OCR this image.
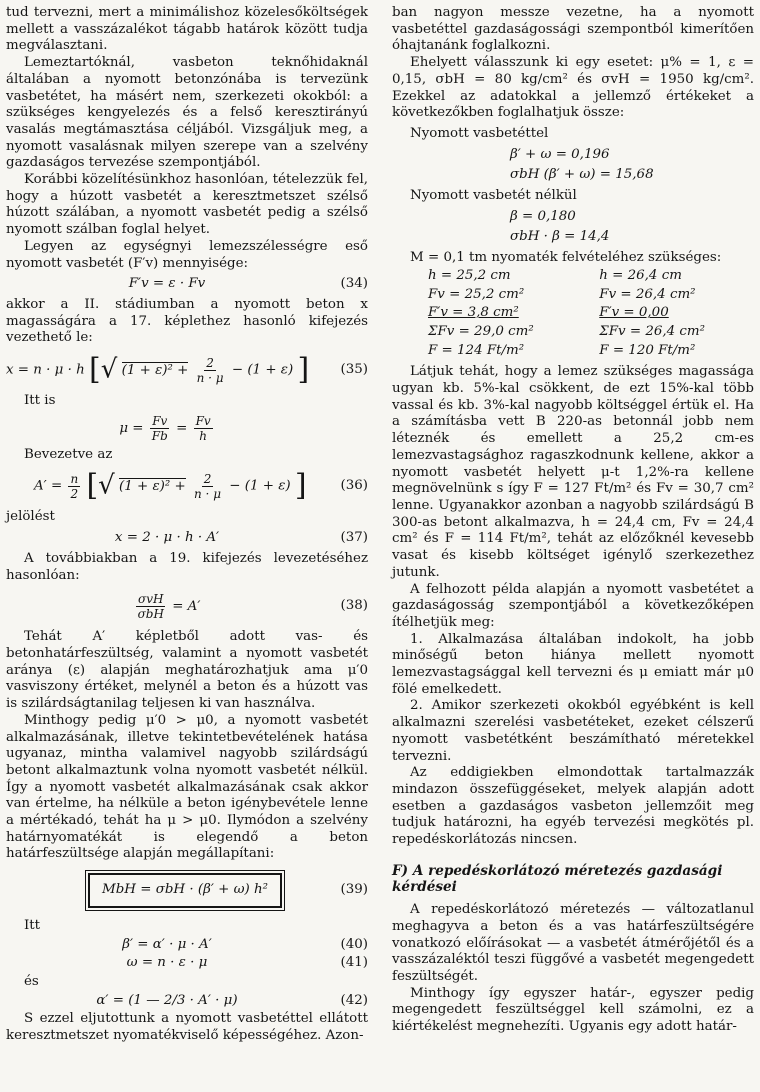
tud tervezni, mert a minimálishoz közelesőköltségek mellett a vasszázalékot tágabb határok között tudja megválasztani.

Lemeztartóknál, vasbeton teknőhidaknál általában a nyomott betonzónába is tervezünk vasbetétet, ha másért nem, szerkezeti okokból: a szükséges kengyelezés és a felső keresztirányú vasalás megtámasztása céljából. Vizsgáljuk meg, a nyomott vasalásnak milyen szerepe van a szelvény gazdaságos tervezése szempontjából.

Korábbi közelítésünkhoz hasonlóan, tételezzük fel, hogy a húzott vasbetét a keresztmetszet szélső húzott szálában, a nyomott vasbetét pedig a szélső nyomott szálban foglal helyet.

Legyen az egységnyi lemezszélességre eső nyomott vasbetét (F′v) mennyisége:

F′v = ε · Fv	(34)

akkor a II. stádiumban a nyomott beton x magasságára a 17. képlethez hasonló kifejezés vezethető le:

x = n · μ · h [√ $(1 + \varepsilon)^2 + \frac{2}{n \cdot \mu} - (1 + \varepsilon)$ ]	(35)

Itt is

$\mu = \frac{Fv}{Fb} = \frac{Fv}{h}$

Bevezetve az

$A' = \frac{n}{2}$ [√ $(1 + \varepsilon)^2 + \frac{2}{n \cdot \mu} - (1 + \varepsilon)$ ]	(36)

jelölést

x = 2 · μ · h · A′	(37)

A továbbiakban a 19. kifejezés levezetéséhez hasonlóan:

$\frac{\text{σvH}}{\text{σbH}} = A'$	(38)

Tehát A′ képletből adott vas- és betonhatárfeszültség, valamint a nyomott vasbetét aránya (ε) alapján meghatározhatjuk ama μ′0 vasviszony értéket, melynél a beton és a húzott vas is szilárdságtanilag teljesen ki van használva.

Minthogy pedig μ′0 > μ0, a nyomott vasbetét alkalmazásának, illetve tekintetbevételének hatása ugyanaz, mintha valamivel nagyobb szilárdságú betont alkalmaztunk volna nyomott vasbetét nélkül. Így a nyomott vasbetét alkalmazásának csak akkor van értelme, ha nélküle a beton igénybevétele lenne a mértékadó, tehát ha μ > μ0. Ilymódon a szelvény határnyomatékát is elegendő a beton határfeszültsége alapján megállapítani:

MbH = σbH · (β′ + ω) h²	(39)

Itt

β′ = α′ · μ · A′	(40)
ω = n · ε · μ	(41)

és

α′ = (1 — 2/3 · A′ · μ)	(42)

S ezzel eljutottunk a nyomott vasbetéttel ellátott keresztmetszet nyomatékviselő képességéhez. Azon-

ban nagyon messze vezetne, ha a nyomott vasbetéttel gazdaságossági szempontból kimerítően óhajtanánk foglalkozni.

Ehelyett válasszunk ki egy esetet: μ% = 1, ε = 0,15, σbH = 80 kg/cm² és σvH = 1950 kg/cm². Ezekkel az adatokkal a jellemző értékeket a következőkben foglalhatjuk össze:

Nyomott vasbetéttel

β′ + ω = 0,196

σbH (β′ + ω) = 15,68

Nyomott vasbetét nélkül

β = 0,180

σbH · β = 14,4

M = 0,1 tm nyomaték felvételéhez szükséges:

h = 25,2 cm	h = 26,4 cm
Fv = 25,2 cm²	Fv = 26,4 cm²
F′v = 3,8 cm²	F′v = 0,00
ΣFv = 29,0 cm²	ΣFv = 26,4 cm²
F = 124 Ft/m²	F = 120 Ft/m²

Látjuk tehát, hogy a lemez szükséges magassága ugyan kb. 5%-kal csökkent, de ezt 15%-kal több vassal és kb. 3%-kal nagyobb költséggel értük el. Ha a számításba vett B 220-as betonnál jobb nem léteznék és emellett a 25,2 cm-es lemezvastagsághoz ragaszkodnunk kellene, akkor a nyomott vasbetét helyett μ-t 1,2%-ra kellene megnövelnünk s így F = 127 Ft/m² és Fv = 30,7 cm² lenne. Ugyanakkor azonban a nagyobb szilárdságú B 300-as betont alkalmazva, h = 24,4 cm, Fv = 24,4 cm² és F = 114 Ft/m², tehát az előzőknél kevesebb vasat és kisebb költséget igénylő szerkezethez jutunk.

A felhozott példa alapján a nyomott vasbetétet a gazdaságosság szempontjából a következőképen ítélhetjük meg:

1. Alkalmazása általában indokolt, ha jobb minőségű beton hiánya mellett nyomott lemezvastagsággal kell tervezni és μ emiatt már μ0 fölé emelkedett.

2. Amikor szerkezeti okokból egyébként is kell alkalmazni szerelési vasbetéteket, ezeket célszerű nyomott vasbetétként beszámítható méretekkel tervezni.

Az eddigiekben elmondottak tartalmazzák mindazon összefüggéseket, melyek alapján adott esetben a gazdaságos vasbeton jellemzőit meg tudjuk határozni, ha egyéb tervezési megkötés pl. repedéskorlátozás nincsen.

F) A repedéskorlátozó méretezés gazdasági kérdései

A repedéskorlátozó méretezés — változatlanul meghagyva a beton és a vas határfeszültségére vonatkozó előírásokat — a vasbetét átmérőjétől és a vasszázaléktól teszi függővé a vasbetét megengedett feszültségét.

Minthogy így egyszer határ-, egyszer pedig megengedett feszültséggel kell számolni, ez a kiértékelést megnehezíti. Ugyanis egy adott határ-
